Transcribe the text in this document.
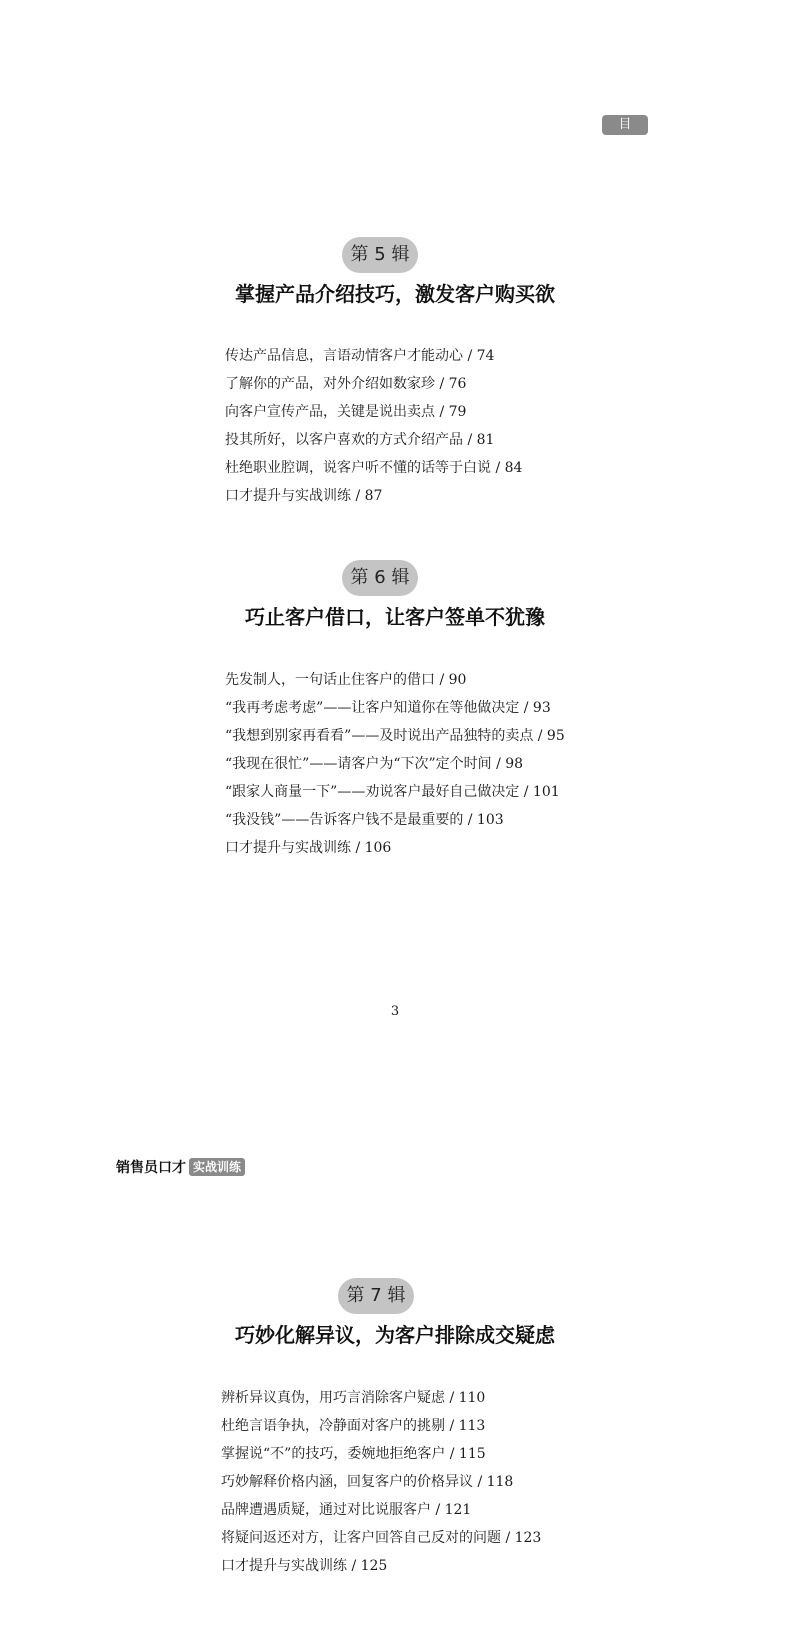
目 录
第 5 辑
掌握产品介绍技巧，激发客户购买欲
传达产品信息，言语动情客户才能动心 / 74
了解你的产品，对外介绍如数家珍 / 76
向客户宣传产品，关键是说出卖点 / 79
投其所好，以客户喜欢的方式介绍产品 / 81
杜绝职业腔调，说客户听不懂的话等于白说 / 84
口才提升与实战训练 / 87
第 6 辑
巧止客户借口，让客户签单不犹豫
先发制人，一句话止住客户的借口 / 90
“我再考虑考虑”——让客户知道你在等他做决定 / 93
“我想到别家再看看”——及时说出产品独特的卖点 / 95
“我现在很忙”——请客户为“下次”定个时间 / 98
“跟家人商量一下”——劝说客户最好自己做决定 / 101
“我没钱”——告诉客户钱不是最重要的 / 103
口才提升与实战训练 / 106
3
销售员口才 实战训练
第 7 辑
巧妙化解异议，为客户排除成交疑虑
辨析异议真伪，用巧言消除客户疑虑 / 110
杜绝言语争执，冷静面对客户的挑剔 / 113
掌握说“不”的技巧，委婉地拒绝客户 / 115
巧妙解释价格内涵，回复客户的价格异议 / 118
品牌遭遇质疑，通过对比说服客户 / 121
将疑问返还对方，让客户回答自己反对的问题 / 123
口才提升与实战训练 / 125
